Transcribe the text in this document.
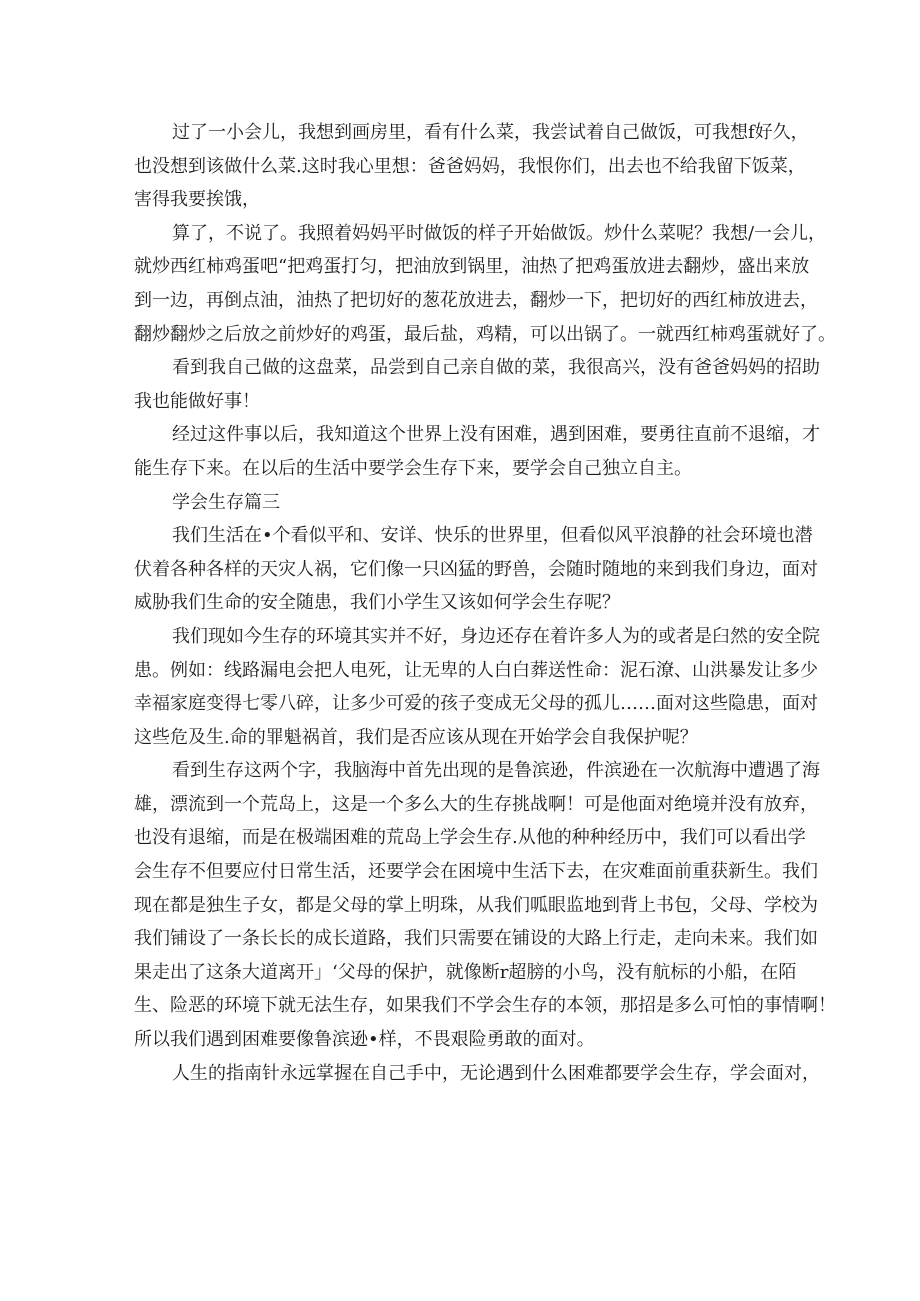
过了一小会儿，我想到画房里，看有什么菜，我尝试着自己做饭，可我想f好久，
也没想到该做什么菜.这时我心里想：爸爸妈妈，我恨你们，出去也不给我留下饭菜，
害得我要挨饿，
算了，不说了。我照着妈妈平时做饭的样子开始做饭。炒什么菜呢？我想/一会儿，
就炒西红柿鸡蛋吧“把鸡蛋打匀，把油放到锅里，油热了把鸡蛋放进去翻炒，盛出来放
到一边，再倒点油，油热了把切好的葱花放进去，翻炒一下，把切好的西红柿放进去，
翻炒翻炒之后放之前炒好的鸡蛋，最后盐，鸡精，可以出锅了。一就西红柿鸡蛋就好了。
看到我自己做的这盘菜，品尝到自己亲自做的菜，我很高兴，没有爸爸妈妈的招助
我也能做好事！
经过这件事以后，我知道这个世界上没有困难，遇到困难，要勇往直前不退缩，才
能生存下来。在以后的生活中要学会生存下来，要学会自己独立自主。
学会生存篇三
我们生活在•个看似平和、安详、快乐的世界里，但看似风平浪静的社会环境也潜
伏着各种各样的天灾人祸，它们像一只凶猛的野兽，会随时随地的来到我们身边，面对
威胁我们生命的安全随患，我们小学生又该如何学会生存呢？
我们现如今生存的环境其实并不好，身边还存在着许多人为的或者是臼然的安全院
患。例如：线路漏电会把人电死，让无卑的人白白葬送性命：泥石潦、山洪暴发让多少
幸福家庭变得七零八碎，让多少可爱的孩子变成无父母的孤儿……面对这些隐患，面对
这些危及生.命的罪魁祸首，我们是否应该从现在开始学会自我保护呢？
看到生存这两个字，我脑海中首先出现的是鲁滨逊，件滨逊在一次航海中遭遇了海
雄，漂流到一个荒岛上，这是一个多么大的生存挑战啊！可是他面对绝境并没有放弃，
也没有退缩，而是在极端困难的荒岛上学会生存.从他的种种经历中，我们可以看出学
会生存不但要应付日常生活，还要学会在困境中生活下去，在灾难面前重获新生。我们
现在都是独生子女，都是父母的掌上明珠，从我们呱眼监地到背上书包，父母、学校为
我们铺设了一条长长的成长道路，我们只需要在铺设的大路上行走，走向未来。我们如
果走出了这条大道离开」‘父母的保护，就像断r超膀的小鸟，没有航标的小船，在陌
生、险恶的环境下就无法生存，如果我们不学会生存的本领，那招是多么可怕的事情啊！
所以我们遇到困难要像鲁滨逊•样，不畏艰险勇敢的面对。
人生的指南针永远掌握在自己手中，无论遇到什么困难都要学会生存，学会面对，
